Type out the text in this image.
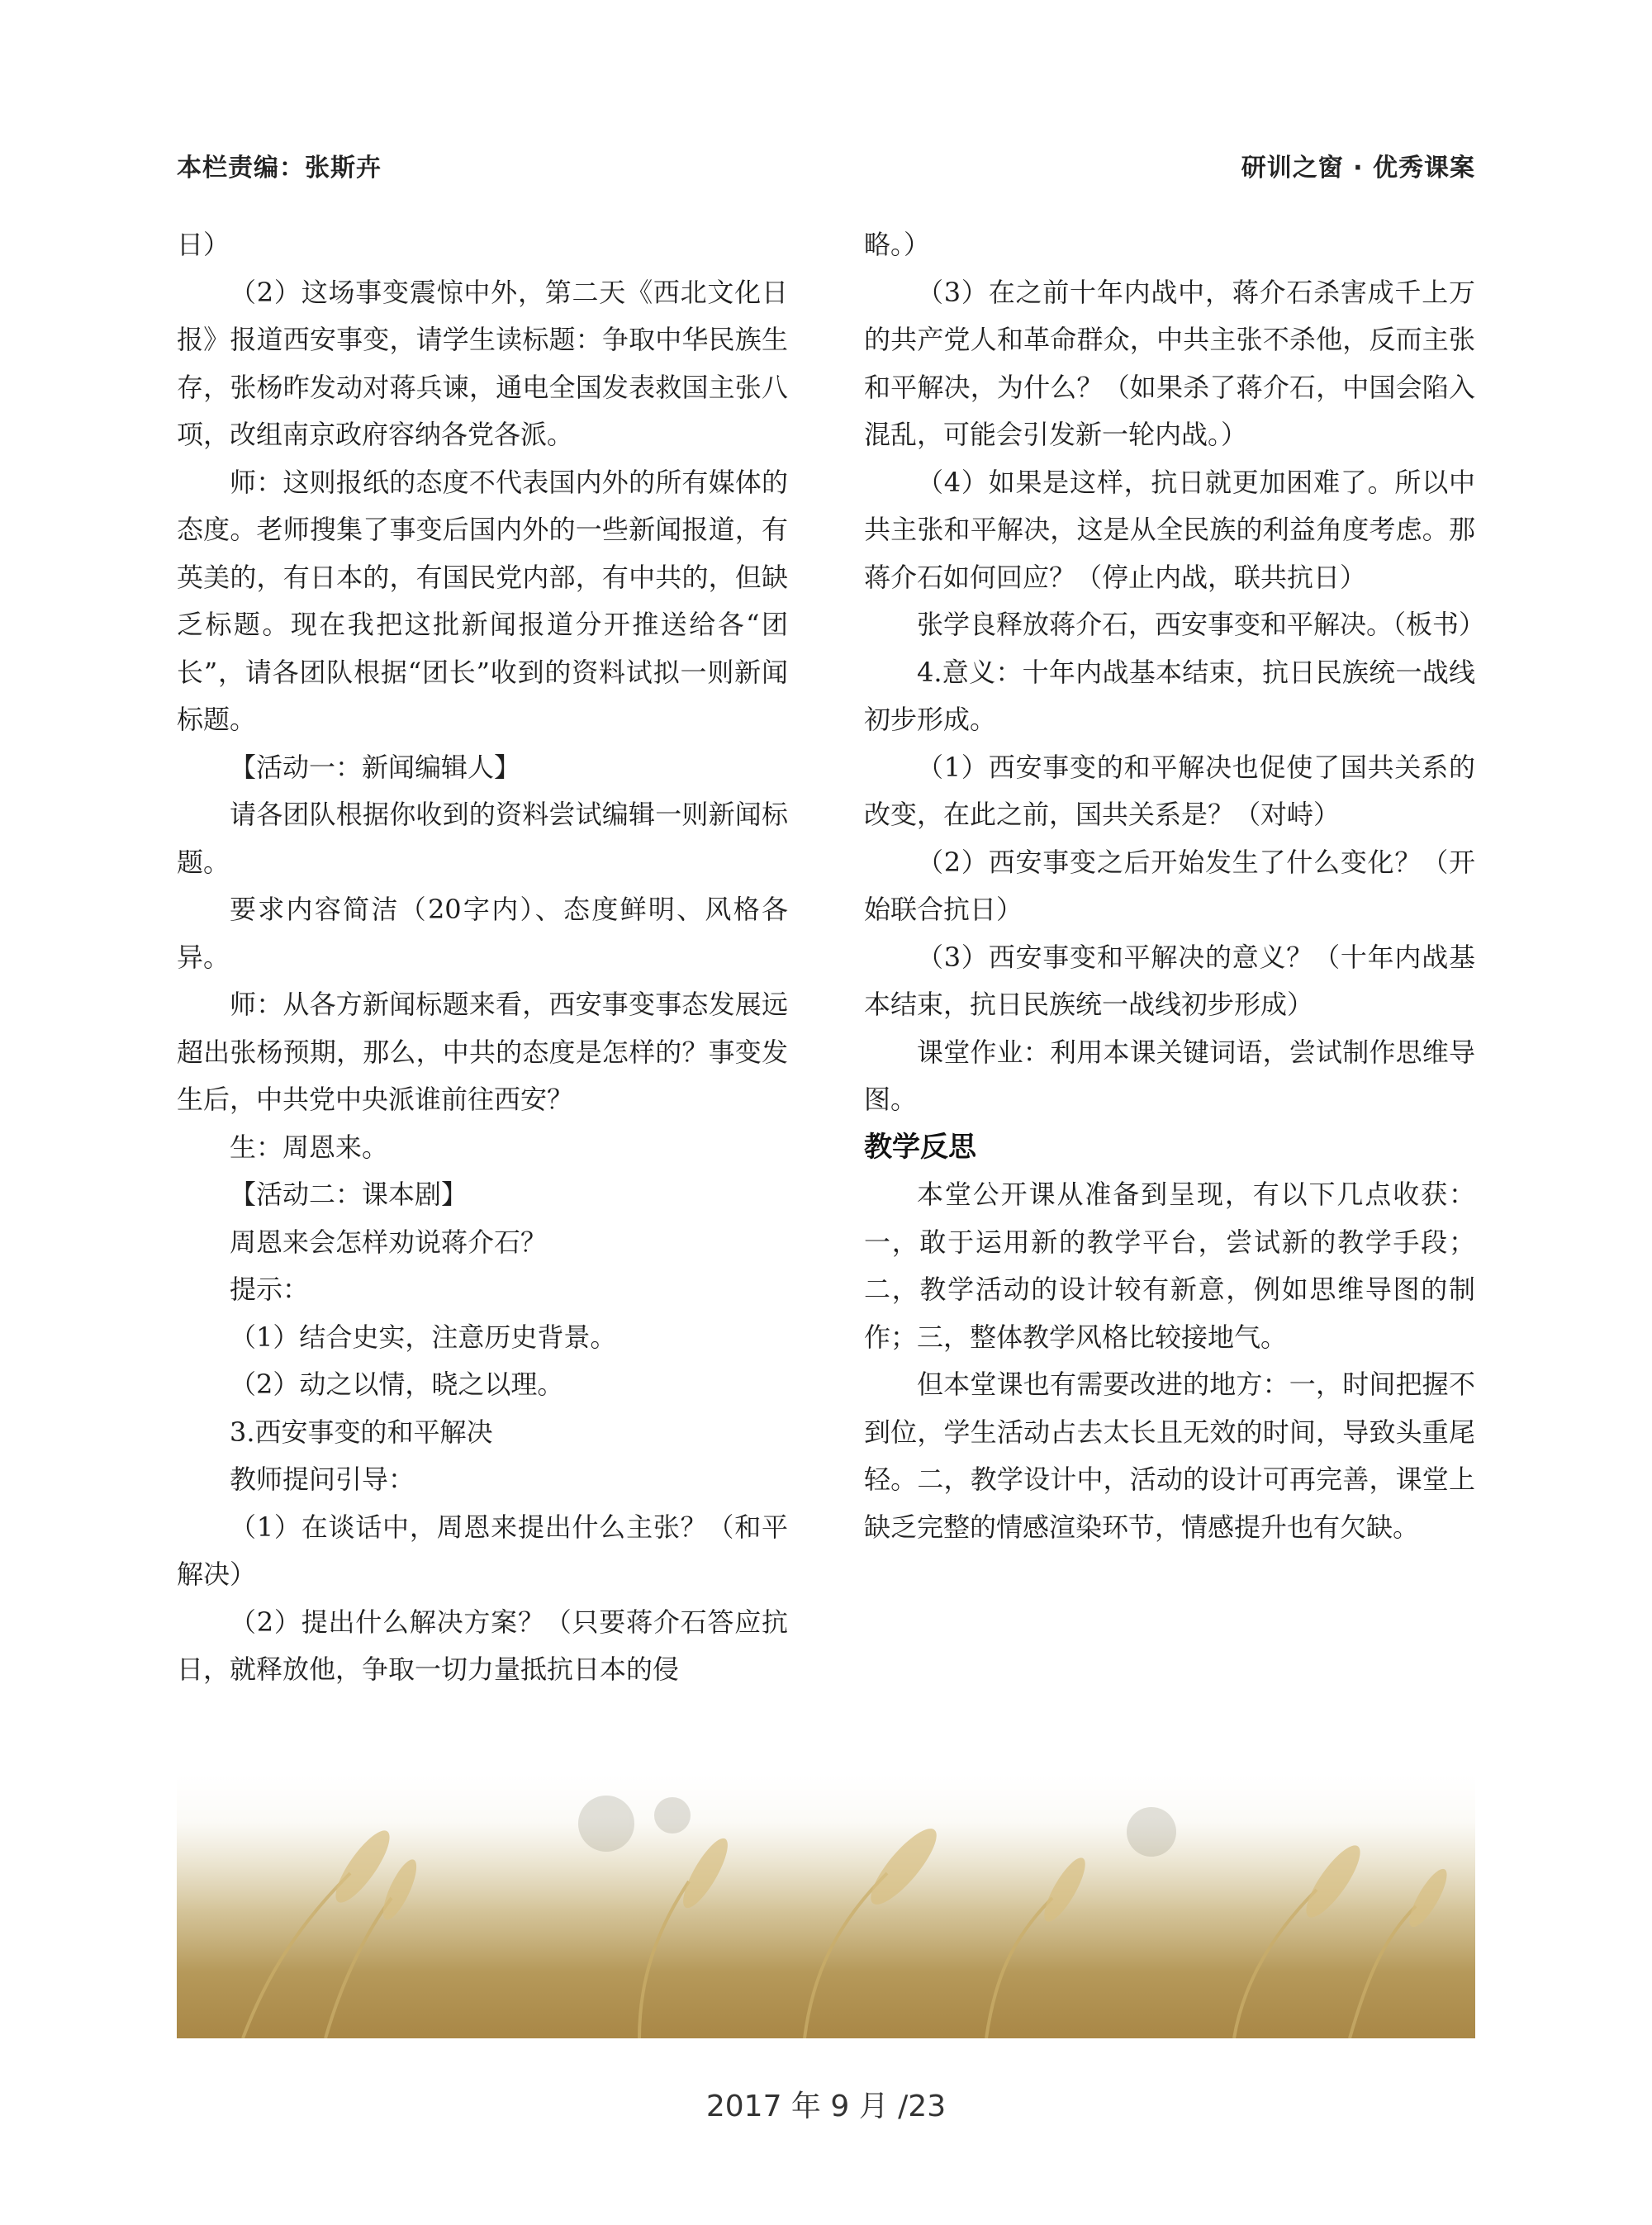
本栏责编：张斯卉	研训之窗 · 优秀课案

日）

（2）这场事变震惊中外，第二天《西北文化日报》报道西安事变，请学生读标题：争取中华民族生存，张杨昨发动对蒋兵谏，通电全国发表救国主张八项，改组南京政府容纳各党各派。

师：这则报纸的态度不代表国内外的所有媒体的态度。老师搜集了事变后国内外的一些新闻报道，有英美的，有日本的，有国民党内部，有中共的，但缺乏标题。现在我把这批新闻报道分开推送给各“团长”，请各团队根据“团长”收到的资料试拟一则新闻标题。

【活动一：新闻编辑人】

请各团队根据你收到的资料尝试编辑一则新闻标题。

要求内容简洁（20字内）、态度鲜明、风格各异。

师：从各方新闻标题来看，西安事变事态发展远超出张杨预期，那么，中共的态度是怎样的？事变发生后，中共党中央派谁前往西安？

生：周恩来。

【活动二：课本剧】

周恩来会怎样劝说蒋介石？

提示：

（1）结合史实，注意历史背景。

（2）动之以情，晓之以理。

3.西安事变的和平解决

教师提问引导：

（1）在谈话中，周恩来提出什么主张？（和平解决）

（2）提出什么解决方案？（只要蒋介石答应抗日，就释放他，争取一切力量抵抗日本的侵

略。）

（3）在之前十年内战中，蒋介石杀害成千上万的共产党人和革命群众，中共主张不杀他，反而主张和平解决，为什么？（如果杀了蒋介石，中国会陷入混乱，可能会引发新一轮内战。）

（4）如果是这样，抗日就更加困难了。所以中共主张和平解决，这是从全民族的利益角度考虑。那蒋介石如何回应？（停止内战，联共抗日）

张学良释放蒋介石，西安事变和平解决。（板书）

4.意义：十年内战基本结束，抗日民族统一战线初步形成。

（1）西安事变的和平解决也促使了国共关系的改变，在此之前，国共关系是？（对峙）

（2）西安事变之后开始发生了什么变化？（开始联合抗日）

（3）西安事变和平解决的意义？（十年内战基本结束，抗日民族统一战线初步形成）

课堂作业：利用本课关键词语，尝试制作思维导图。

教学反思

本堂公开课从准备到呈现，有以下几点收获：一，敢于运用新的教学平台，尝试新的教学手段；二，教学活动的设计较有新意，例如思维导图的制作；三，整体教学风格比较接地气。

但本堂课也有需要改进的地方：一，时间把握不到位，学生活动占去太长且无效的时间，导致头重尾轻。二，教学设计中，活动的设计可再完善，课堂上缺乏完整的情感渲染环节，情感提升也有欠缺。

2017 年 9 月 /23
